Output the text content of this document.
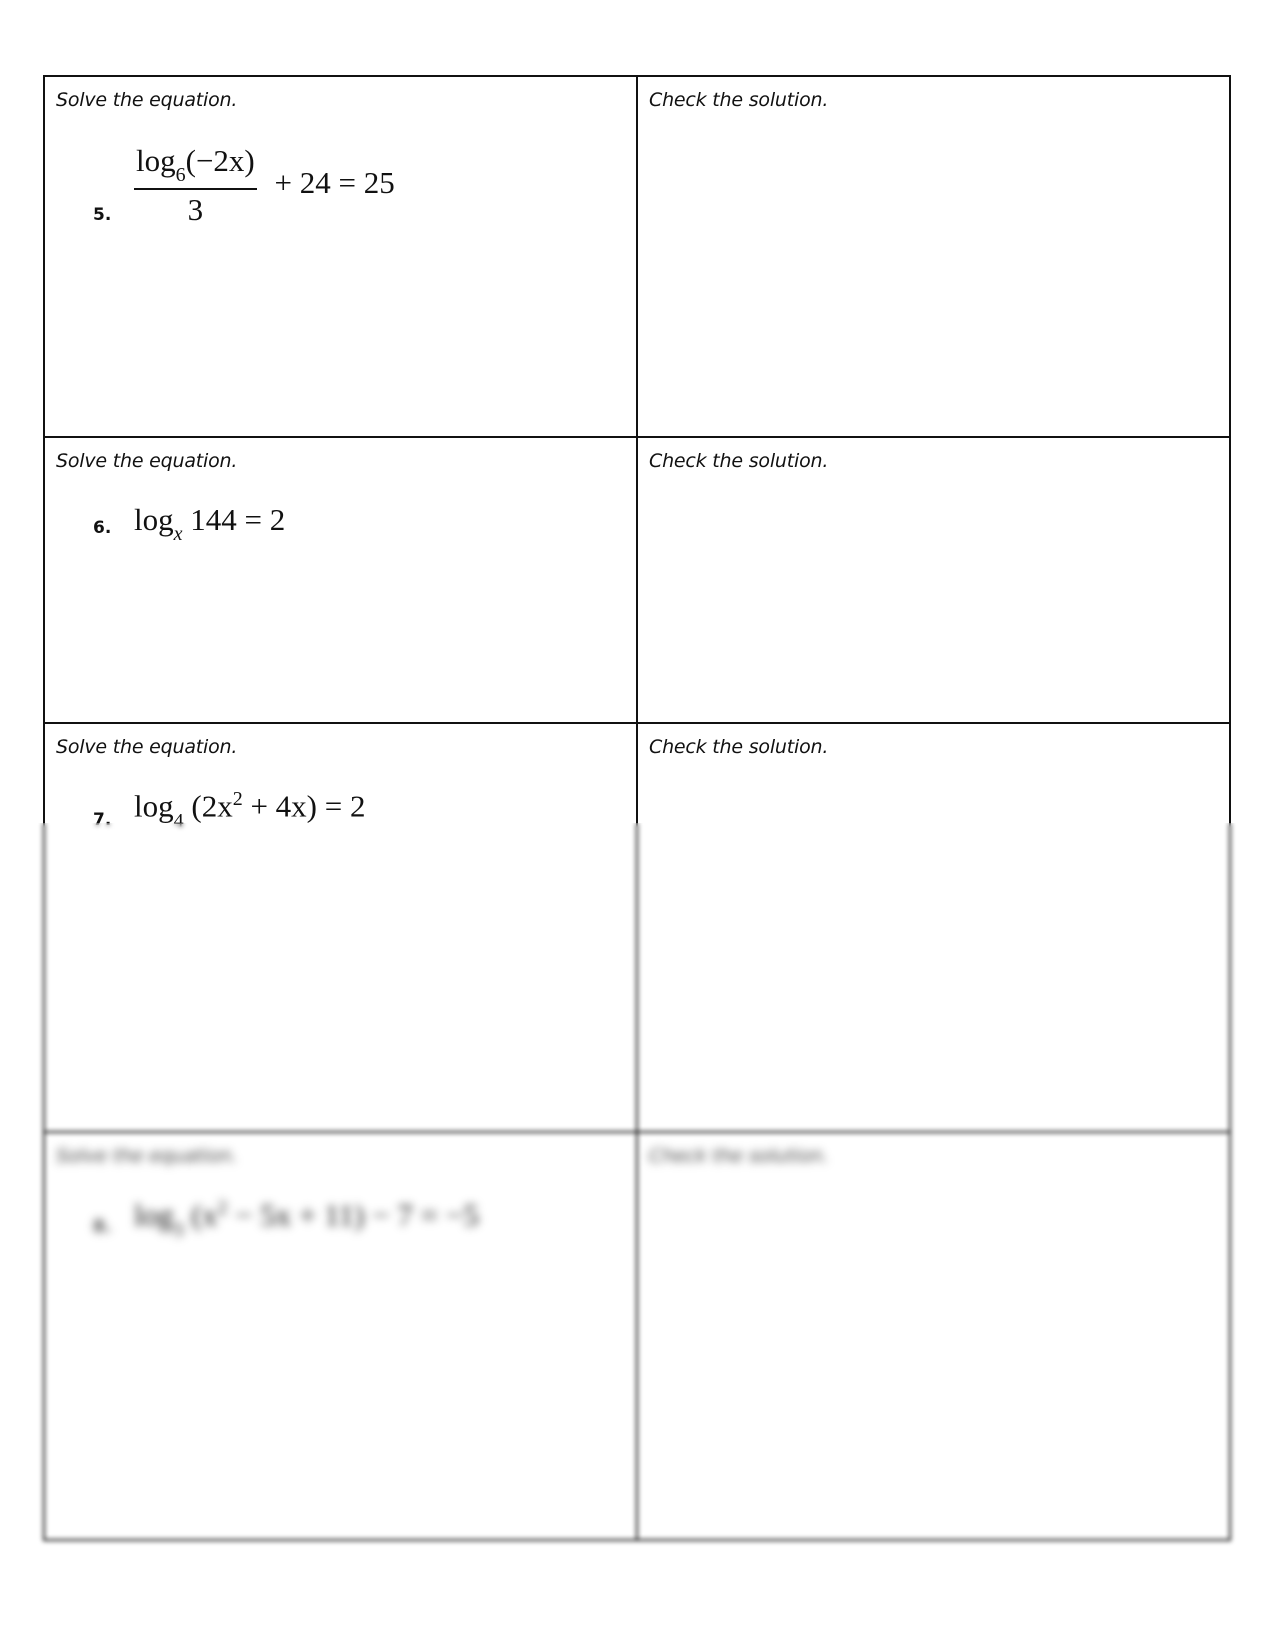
Solve the equation.
5. $\frac{\log_6(-2x)}{3} + 24 = 25$	Check the solution.

Solve the equation.
6. $\log_x 144 = 2$	Check the solution.

Solve the equation.
7. $\log_4 (2x^2 + 4x) = 2$	Check the solution.

Solve the equation.
8. $\log_3 (x^2 - 5x + 11) - 7 = -5$	Check the solution.
